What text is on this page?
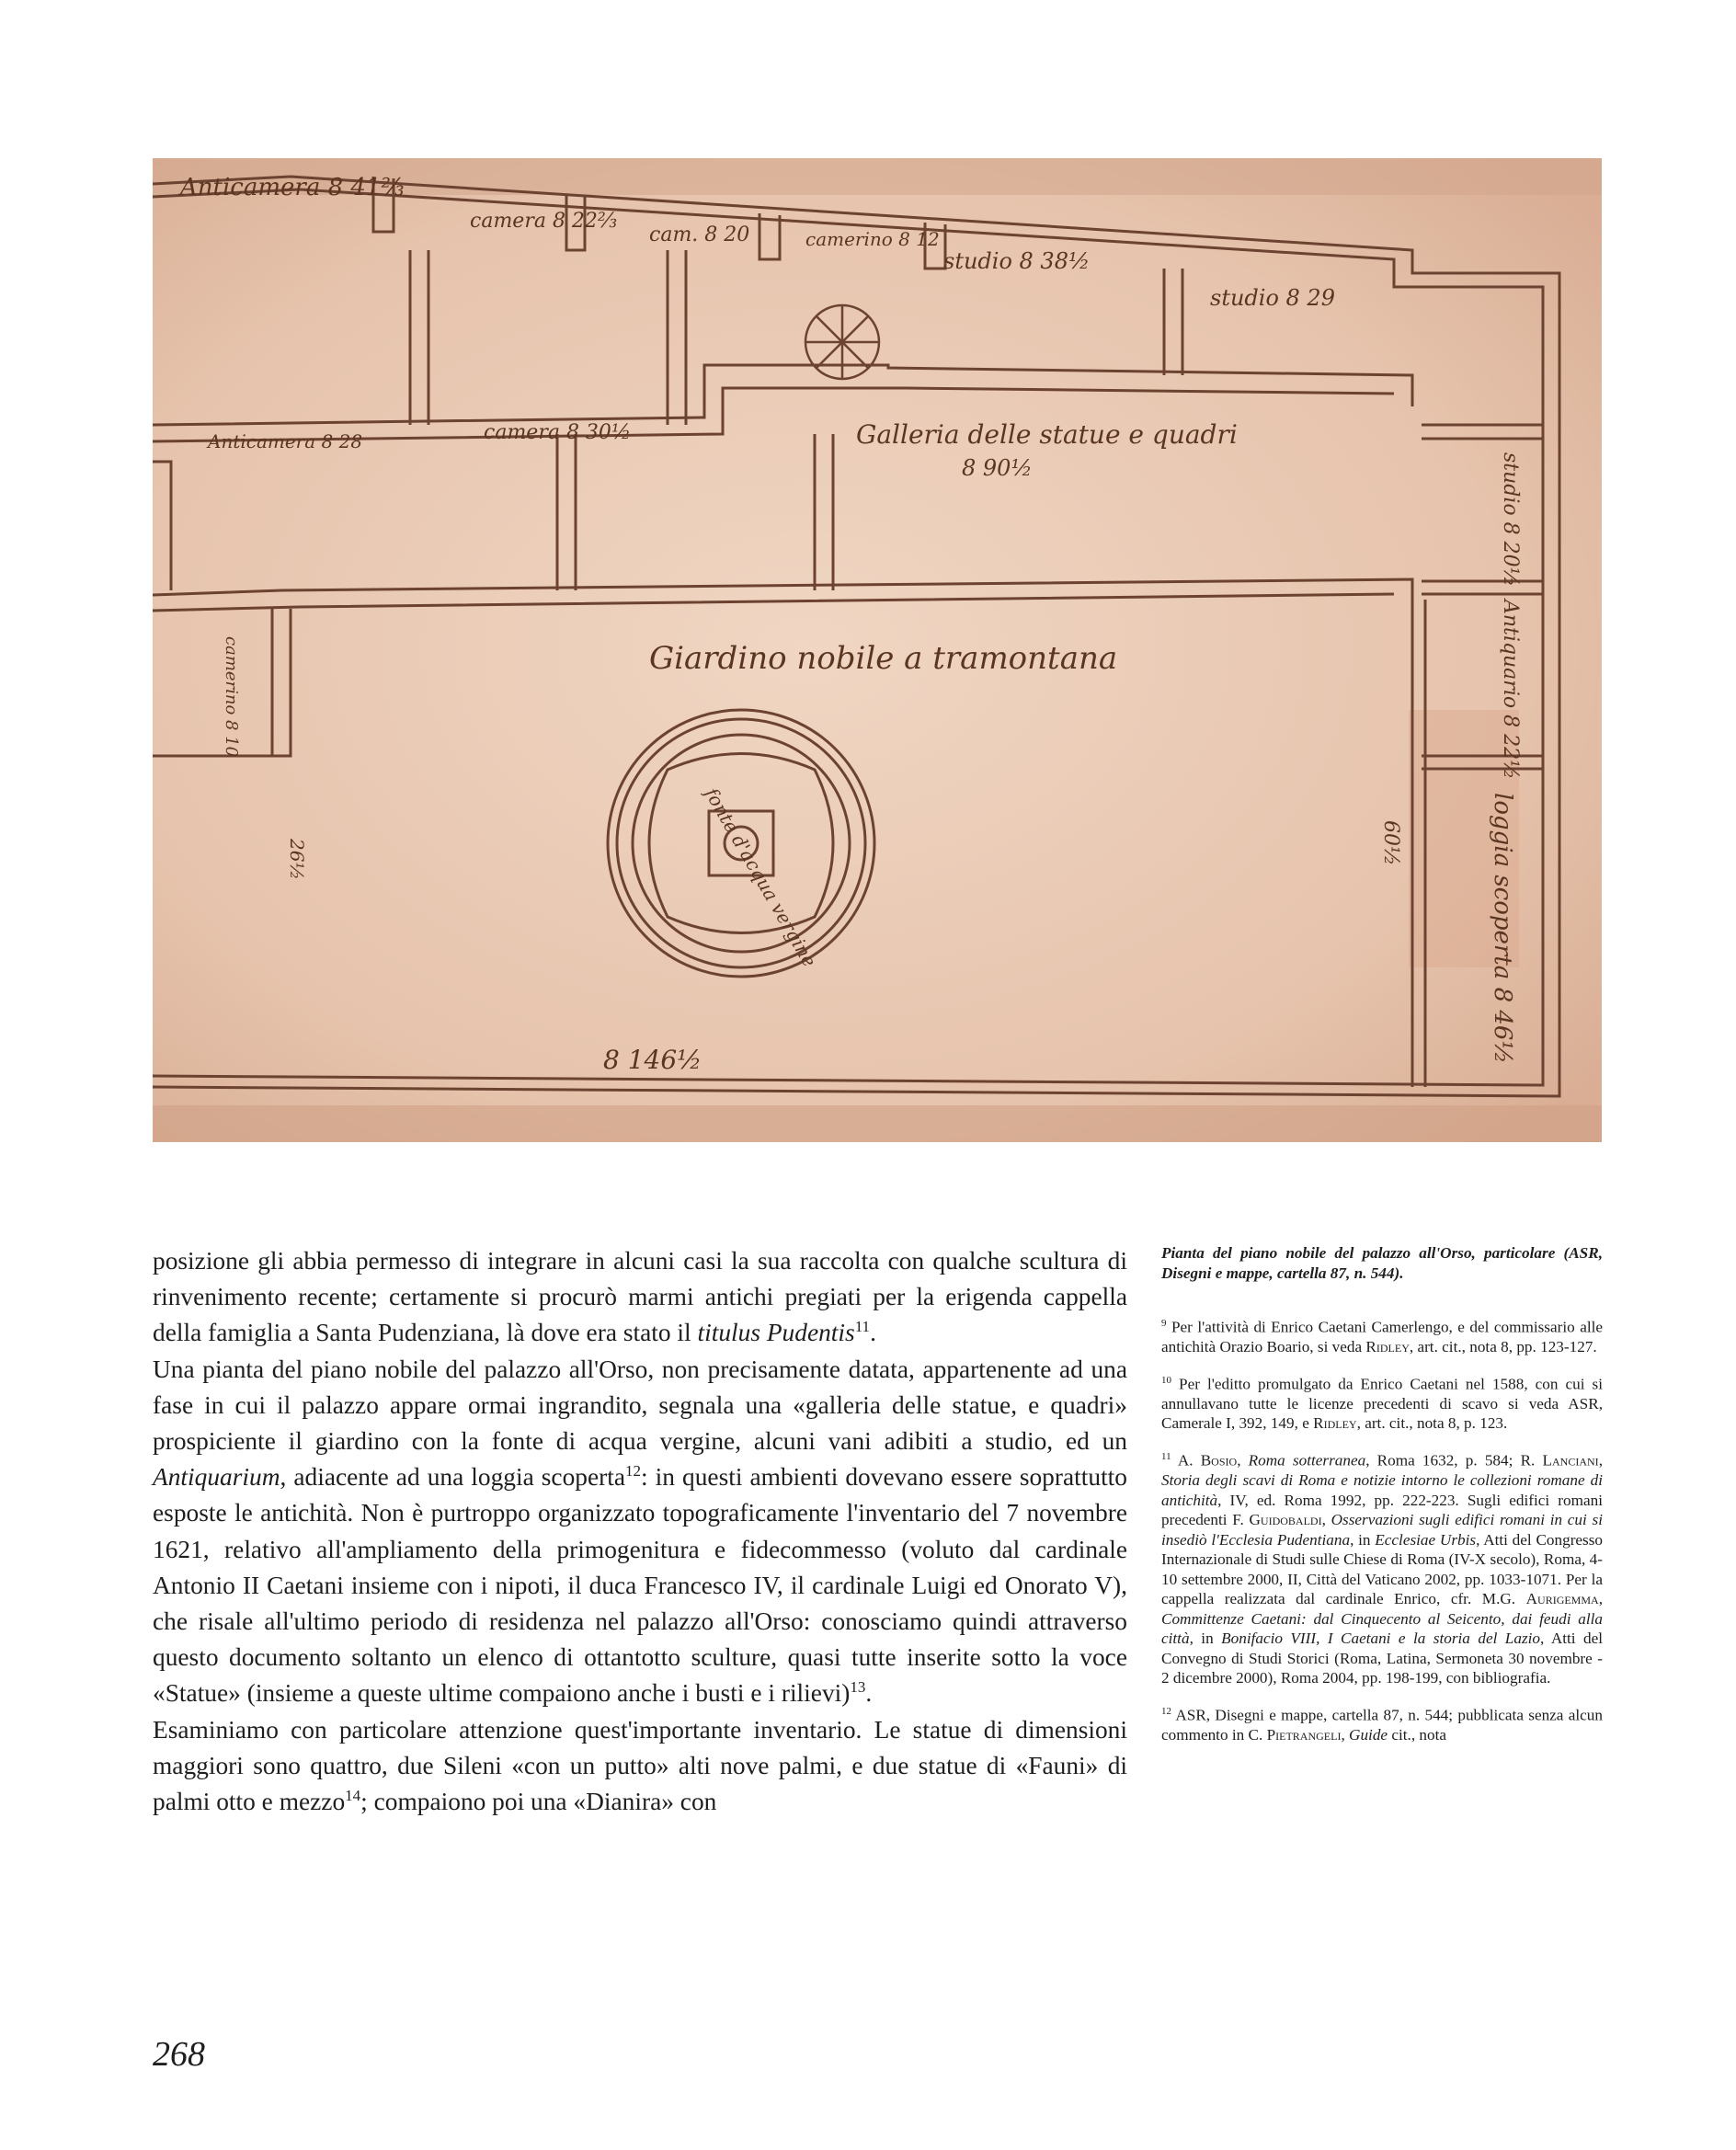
Anticamera 8 41⅔
camera 8 22⅔
cam. 8 20	camerino 8 12
studio 8 38½
studio 8 29
Anticamera 8 28	camera 8 30½	Galleria delle statue e quadri
8 90½
Giardino nobile a tramontana
camerino 8 10
fonte d'acqua vergine
studio 8 20½
Antiquario 8 22½
loggia scoperta 8 46½
8 146½
60½
26½

posizione gli abbia permesso di integrare in alcuni casi la sua raccolta con qualche scultura di rinvenimento recente; certamente si procurò marmi antichi pregiati per la erigenda cappella della famiglia a Santa Pudenziana, là dove era stato il titulus Pudentis$^{11}$.

Una pianta del piano nobile del palazzo all'Orso, non precisamente datata, appartenente ad una fase in cui il palazzo appare ormai ingrandito, segnala una «galleria delle statue, e quadri» prospiciente il giardino con la fonte di acqua vergine, alcuni vani adibiti a studio, ed un Antiquarium, adiacente ad una loggia scoperta$^{12}$: in questi ambienti dovevano essere soprattutto esposte le antichità. Non è purtroppo organizzato topograficamente l'inventario del 7 novembre 1621, relativo all'ampliamento della primogenitura e fidecommesso (voluto dal cardinale Antonio II Caetani insieme con i nipoti, il duca Francesco IV, il cardinale Luigi ed Onorato V), che risale all'ultimo periodo di residenza nel palazzo all'Orso: conosciamo quindi attraverso questo documento soltanto un elenco di ottantotto sculture, quasi tutte inserite sotto la voce «Statue» (insieme a queste ultime compaiono anche i busti e i rilievi)$^{13}$.

Esaminiamo con particolare attenzione quest'importante inventario. Le statue di dimensioni maggiori sono quattro, due Sileni «con un putto» alti nove palmi, e due statue di «Fauni» di palmi otto e mezzo$^{14}$; compaiono poi una «Dianira» con

Pianta del piano nobile del palazzo all'Orso, particolare (ASR, Disegni e mappe, cartella 87, n. 544).

$^9$ Per l'attività di Enrico Caetani Camerlengo, e del commissario alle antichità Orazio Boario, si veda Ridley, art. cit., nota 8, pp. 123-127.

$^{10}$ Per l'editto promulgato da Enrico Caetani nel 1588, con cui si annullavano tutte le licenze precedenti di scavo si veda ASR, Camerale I, 392, 149, e Ridley, art. cit., nota 8, p. 123.

$^{11}$ A. Bosio, Roma sotterranea, Roma 1632, p. 584; R. Lanciani, Storia degli scavi di Roma e notizie intorno le collezioni romane di antichità, IV, ed. Roma 1992, pp. 222-223. Sugli edifici romani precedenti F. Guidobaldi, Osservazioni sugli edifici romani in cui si insediò l'Ecclesia Pudentiana, in Ecclesiae Urbis, Atti del Congresso Internazionale di Studi sulle Chiese di Roma (IV-X secolo), Roma, 4-10 settembre 2000, II, Città del Vaticano 2002, pp. 1033-1071. Per la cappella realizzata dal cardinale Enrico, cfr. M.G. Aurigemma, Committenze Caetani: dal Cinquecento al Seicento, dai feudi alla città, in Bonifacio VIII, I Caetani e la storia del Lazio, Atti del Convegno di Studi Storici (Roma, Latina, Sermoneta 30 novembre - 2 dicembre 2000), Roma 2004, pp. 198-199, con bibliografia.

$^{12}$ ASR, Disegni e mappe, cartella 87, n. 544; pubblicata senza alcun commento in C. Pietrangeli, Guide cit., nota

268
